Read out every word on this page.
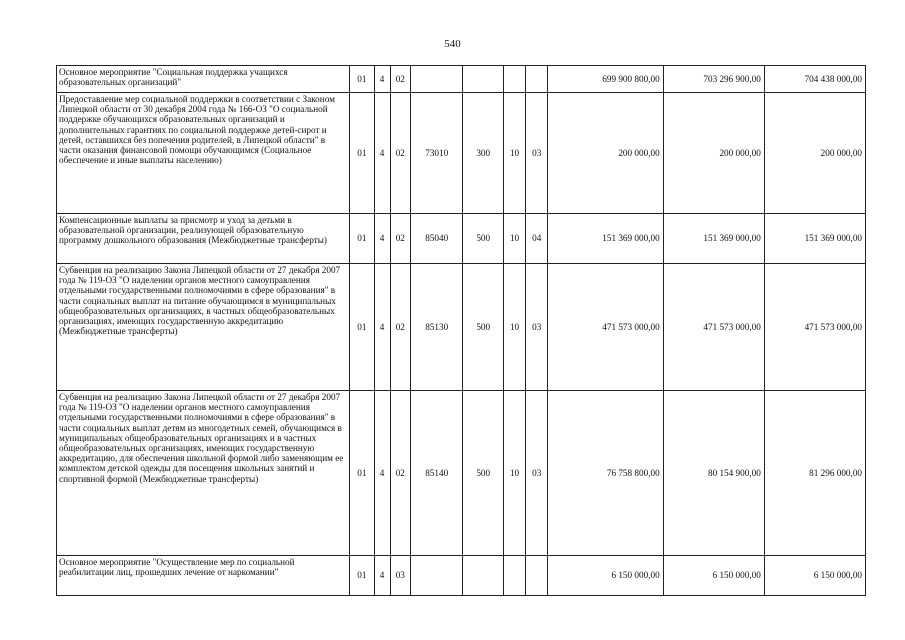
540
Основное мероприятие "Социальная поддержка учащихся образовательных организаций"	01	4	02					699 900 800,00	703 296 900,00	704 438 000,00
Предоставление мер социальной поддержки в соответствии с Законом Липецкой области от 30 декабря 2004 года № 166-ОЗ "О социальной поддержке обучающихся образовательных организаций и дополнительных гарантиях по социальной поддержке детей-сирот и детей, оставшихся без попечения родителей, в Липецкой области" в части оказания финансовой помощи обучающимся (Социальное обеспечение и иные выплаты населению)	01	4	02	73010	300	10	03	200 000,00	200 000,00	200 000,00
Компенсационные выплаты за присмотр и уход за детьми в образовательной организации, реализующей образовательную программу дошкольного образования (Межбюджетные трансферты)	01	4	02	85040	500	10	04	151 369 000,00	151 369 000,00	151 369 000,00
Субвенция на реализацию Закона Липецкой области от 27 декабря 2007 года № 119-ОЗ "О наделении органов местного самоуправления отдельными государственными полномочиями в сфере образования" в части социальных выплат на питание обучающимся в муниципальных общеобразовательных организациях, в частных общеобразовательных организациях, имеющих государственную аккредитацию (Межбюджетные трансферты)	01	4	02	85130	500	10	03	471 573 000,00	471 573 000,00	471 573 000,00
Субвенция на реализацию Закона Липецкой области от 27 декабря 2007 года № 119-ОЗ "О наделении органов местного самоуправления отдельными государственными полномочиями в сфере образования" в части социальных выплат детям из многодетных семей, обучающимся в муниципальных общеобразовательных организациях и в частных общеобразовательных организациях, имеющих государственную аккредитацию, для обеспечения школьной формой либо заменяющим ее комплектом детской одежды для посещения школьных занятий и спортивной формой (Межбюджетные трансферты)	01	4	02	85140	500	10	03	76 758 800,00	80 154 900,00	81 296 000,00
Основное мероприятие "Осуществление мер по социальной реабилитации лиц, прошедших лечение от наркомании"	01	4	03					6 150 000,00	6 150 000,00	6 150 000,00
